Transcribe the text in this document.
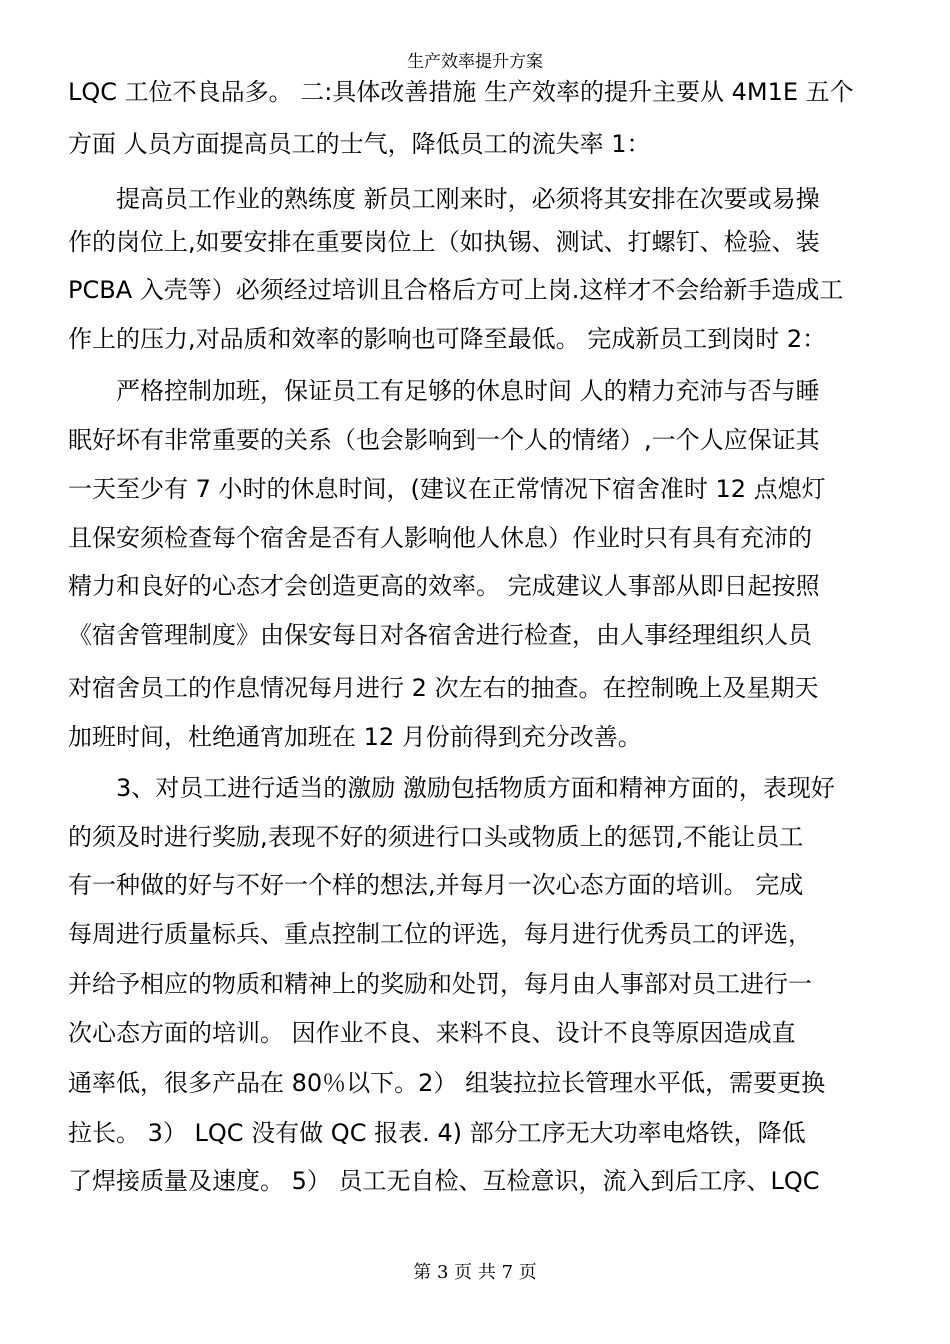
生产效率提升方案
LQC 工位不良品多。 二:具体改善措施 生产效率的提升主要从 4M1E 五个
方面 人员方面提高员工的士气，降低员工的流失率 1：
提高员工作业的熟练度 新员工刚来时，必须将其安排在次要或易操
作的岗位上,如要安排在重要岗位上（如执锡、测试、打螺钉、检验、装
PCBA 入壳等）必须经过培训且合格后方可上岗.这样才不会给新手造成工
作上的压力,对品质和效率的影响也可降至最低。 完成新员工到岗时 2：
严格控制加班，保证员工有足够的休息时间 人的精力充沛与否与睡
眠好坏有非常重要的关系（也会影响到一个人的情绪）,一个人应保证其
一天至少有 7 小时的休息时间，(建议在正常情况下宿舍准时 12 点熄灯
且保安须检查每个宿舍是否有人影响他人休息）作业时只有具有充沛的
精力和良好的心态才会创造更高的效率。 完成建议人事部从即日起按照
《宿舍管理制度》由保安每日对各宿舍进行检查，由人事经理组织人员
对宿舍员工的作息情况每月进行 2 次左右的抽查。在控制晚上及星期天
加班时间，杜绝通宵加班在 12 月份前得到充分改善。
3、对员工进行适当的激励 激励包括物质方面和精神方面的，表现好
的须及时进行奖励,表现不好的须进行口头或物质上的惩罚,不能让员工
有一种做的好与不好一个样的想法,并每月一次心态方面的培训。 完成
每周进行质量标兵、重点控制工位的评选，每月进行优秀员工的评选，
并给予相应的物质和精神上的奖励和处罚，每月由人事部对员工进行一
次心态方面的培训。 因作业不良、来料不良、设计不良等原因造成直
通率低，很多产品在 80％以下。2） 组装拉拉长管理水平低，需要更换
拉长。 3） LQC 没有做 QC 报表. 4) 部分工序无大功率电烙铁，降低
了焊接质量及速度。 5） 员工无自检、互检意识，流入到后工序、LQC
第 3 页 共 7 页
